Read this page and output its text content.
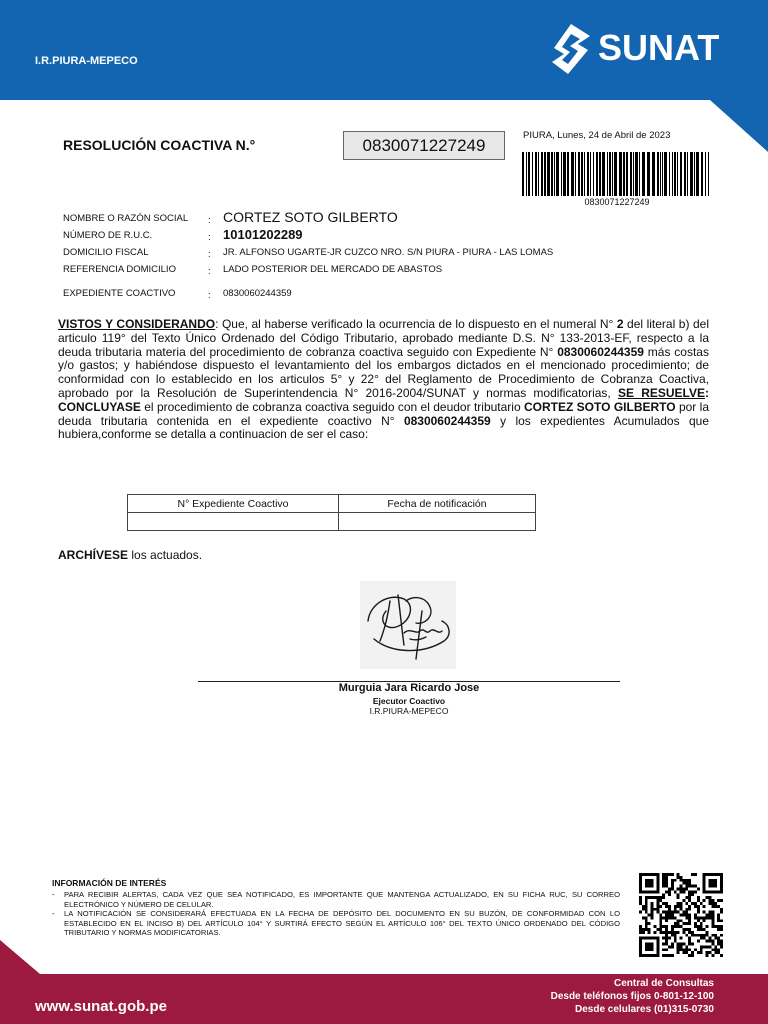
I.R.PIURA-MEPECO	SUNAT
RESOLUCIÓN COACTIVA N.°	0830071227249
PIURA, Lunes, 24 de Abril de 2023
0830071227249
NOMBRE O RAZÓN SOCIAL	: CORTEZ SOTO GILBERTO
NÚMERO DE R.U.C.	: 10101202289
DOMICILIO FISCAL	: JR. ALFONSO UGARTE-JR CUZCO NRO. S/N PIURA - PIURA - LAS LOMAS
REFERENCIA DOMICILIO	: LADO POSTERIOR DEL MERCADO DE ABASTOS
EXPEDIENTE COACTIVO	: 0830060244359
VISTOS Y CONSIDERANDO: Que, al haberse verificado la ocurrencia de lo dispuesto en el numeral N° 2 del literal b) del articulo 119° del Texto Único Ordenado del Código Tributario, aprobado mediante D.S. N° 133-2013-EF, respecto a la deuda tributaria materia del procedimiento de cobranza coactiva seguido con Expediente N° 0830060244359 más costas y/o gastos; y habiéndose dispuesto el levantamiento del los embargos dictados en el mencionado procedimiento; de conformidad con lo establecido en los articulos 5° y 22° del Reglamento de Procedimiento de Cobranza Coactiva, aprobado por la Resolución de Superintendencia N° 2016-2004/SUNAT y normas modificatorias, SE RESUELVE: CONCLUYASE el procedimiento de cobranza coactiva seguido con el deudor tributario CORTEZ SOTO GILBERTO por la deuda tributaria contenida en el expediente coactivo N° 0830060244359 y los expedientes Acumulados que hubiera,conforme se detalla a continuacion de ser el caso:
N° Expediente Coactivo	Fecha de notificación

ARCHÍVESE los actuados.
Murguia Jara Ricardo Jose
Ejecutor Coactivo
I.R.PIURA-MEPECO
INFORMACIÓN DE INTERÉS
- PARA RECIBIR ALERTAS, CADA VEZ QUE SEA NOTIFICADO, ES IMPORTANTE QUE MANTENGA ACTUALIZADO, EN SU FICHA RUC, SU CORREO ELECTRÓNICO Y NÚMERO DE CELULAR.
- LA NOTIFICACIÓN SE CONSIDERARÁ EFECTUADA EN LA FECHA DE DEPÓSITO DEL DOCUMENTO EN SU BUZÓN, DE CONFORMIDAD CON LO ESTABLECIDO EN EL INCISO B) DEL ARTÍCULO 104° Y SURTIRÁ EFECTO SEGÚN EL ARTÍCULO 106° DEL TEXTO ÚNICO ORDENADO DEL CÓDIGO TRIBUTARIO Y NORMAS MODIFICATORIAS.
www.sunat.gob.pe
Central de Consultas
Desde teléfonos fijos 0-801-12-100
Desde celulares (01)315-0730
